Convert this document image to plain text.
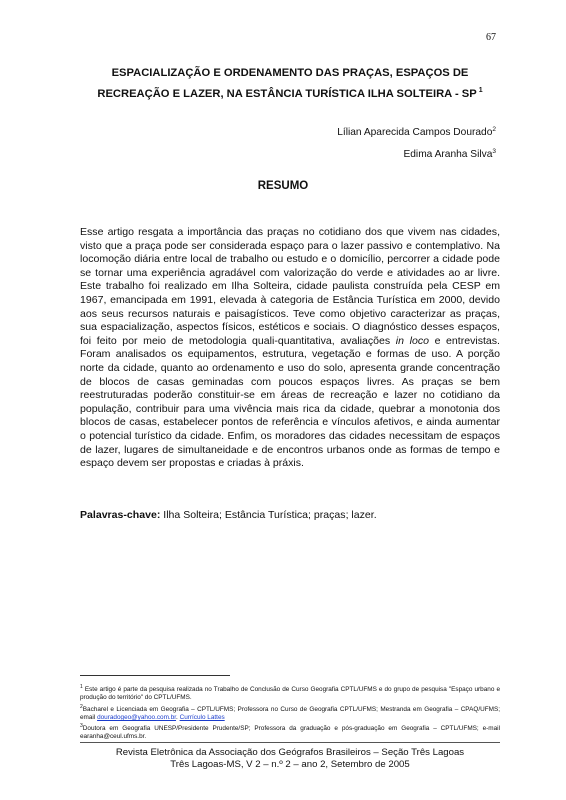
67
ESPACIALIZAÇÃO E ORDENAMENTO DAS PRAÇAS, ESPAÇOS DE
RECREAÇÃO E LAZER, NA ESTÂNCIA TURÍSTICA ILHA SOLTEIRA - SP $^1$
Lílian Aparecida Campos Dourado$^2$
Edima Aranha Silva$^3$
RESUMO

Esse artigo resgata a importância das praças no cotidiano dos que vivem nas cidades, visto que a praça pode ser considerada espaço para o lazer passivo e contemplativo. Na locomoção diária entre local de trabalho ou estudo e o domicílio, percorrer a cidade pode se tornar uma experiência agradável com valorização do verde e atividades ao ar livre. Este trabalho foi realizado em Ilha Solteira, cidade paulista construída pela CESP em 1967, emancipada em 1991, elevada à categoria de Estância Turística em 2000, devido aos seus recursos naturais e paisagísticos. Teve como objetivo caracterizar as praças, sua espacialização, aspectos físicos, estéticos e sociais. O diagnóstico desses espaços, foi feito por meio de metodologia quali-quantitativa, avaliações in loco e entrevistas. Foram analisados os equipamentos, estrutura, vegetação e formas de uso. A porção norte da cidade, quanto ao ordenamento e uso do solo, apresenta grande concentração de blocos de casas geminadas com poucos espaços livres. As praças se bem reestruturadas poderão constituir-se em áreas de recreação e lazer no cotidiano da população, contribuir para uma vivência mais rica da cidade, quebrar a monotonia dos blocos de casas, estabelecer pontos de referência e vínculos afetivos, e ainda aumentar o potencial turístico da cidade. Enfim, os moradores das cidades necessitam de espaços de lazer, lugares de simultaneidade e de encontros urbanos onde as formas de tempo e espaço devem ser propostas e criadas à práxis.

Palavras-chave: Ilha Solteira; Estância Turística; praças; lazer.

$^1$ Este artigo é parte da pesquisa realizada no Trabalho de Conclusão de Curso Geografia CPTL/UFMS e do grupo de pesquisa "Espaço urbano e produção do território" do CPTL/UFMS.

$^2$Bacharel e Licenciada em Geografia – CPTL/UFMS; Professora no Curso de Geografia CPTL/UFMS; Mestranda em Geografia – CPAQ/UFMS; email douradogeo@yahoo.com.br. Currículo Lattes

$^3$Doutora em Geografia UNESP/Presidente Prudente/SP; Professora da graduação e pós-graduação em Geografia – CPTL/UFMS; e-mail earanha@ceul.ufms.br.

Revista Eletrônica da Associação dos Geógrafos Brasileiros – Seção Três Lagoas
Três Lagoas-MS, V 2 – n.º 2 – ano 2, Setembro de 2005
